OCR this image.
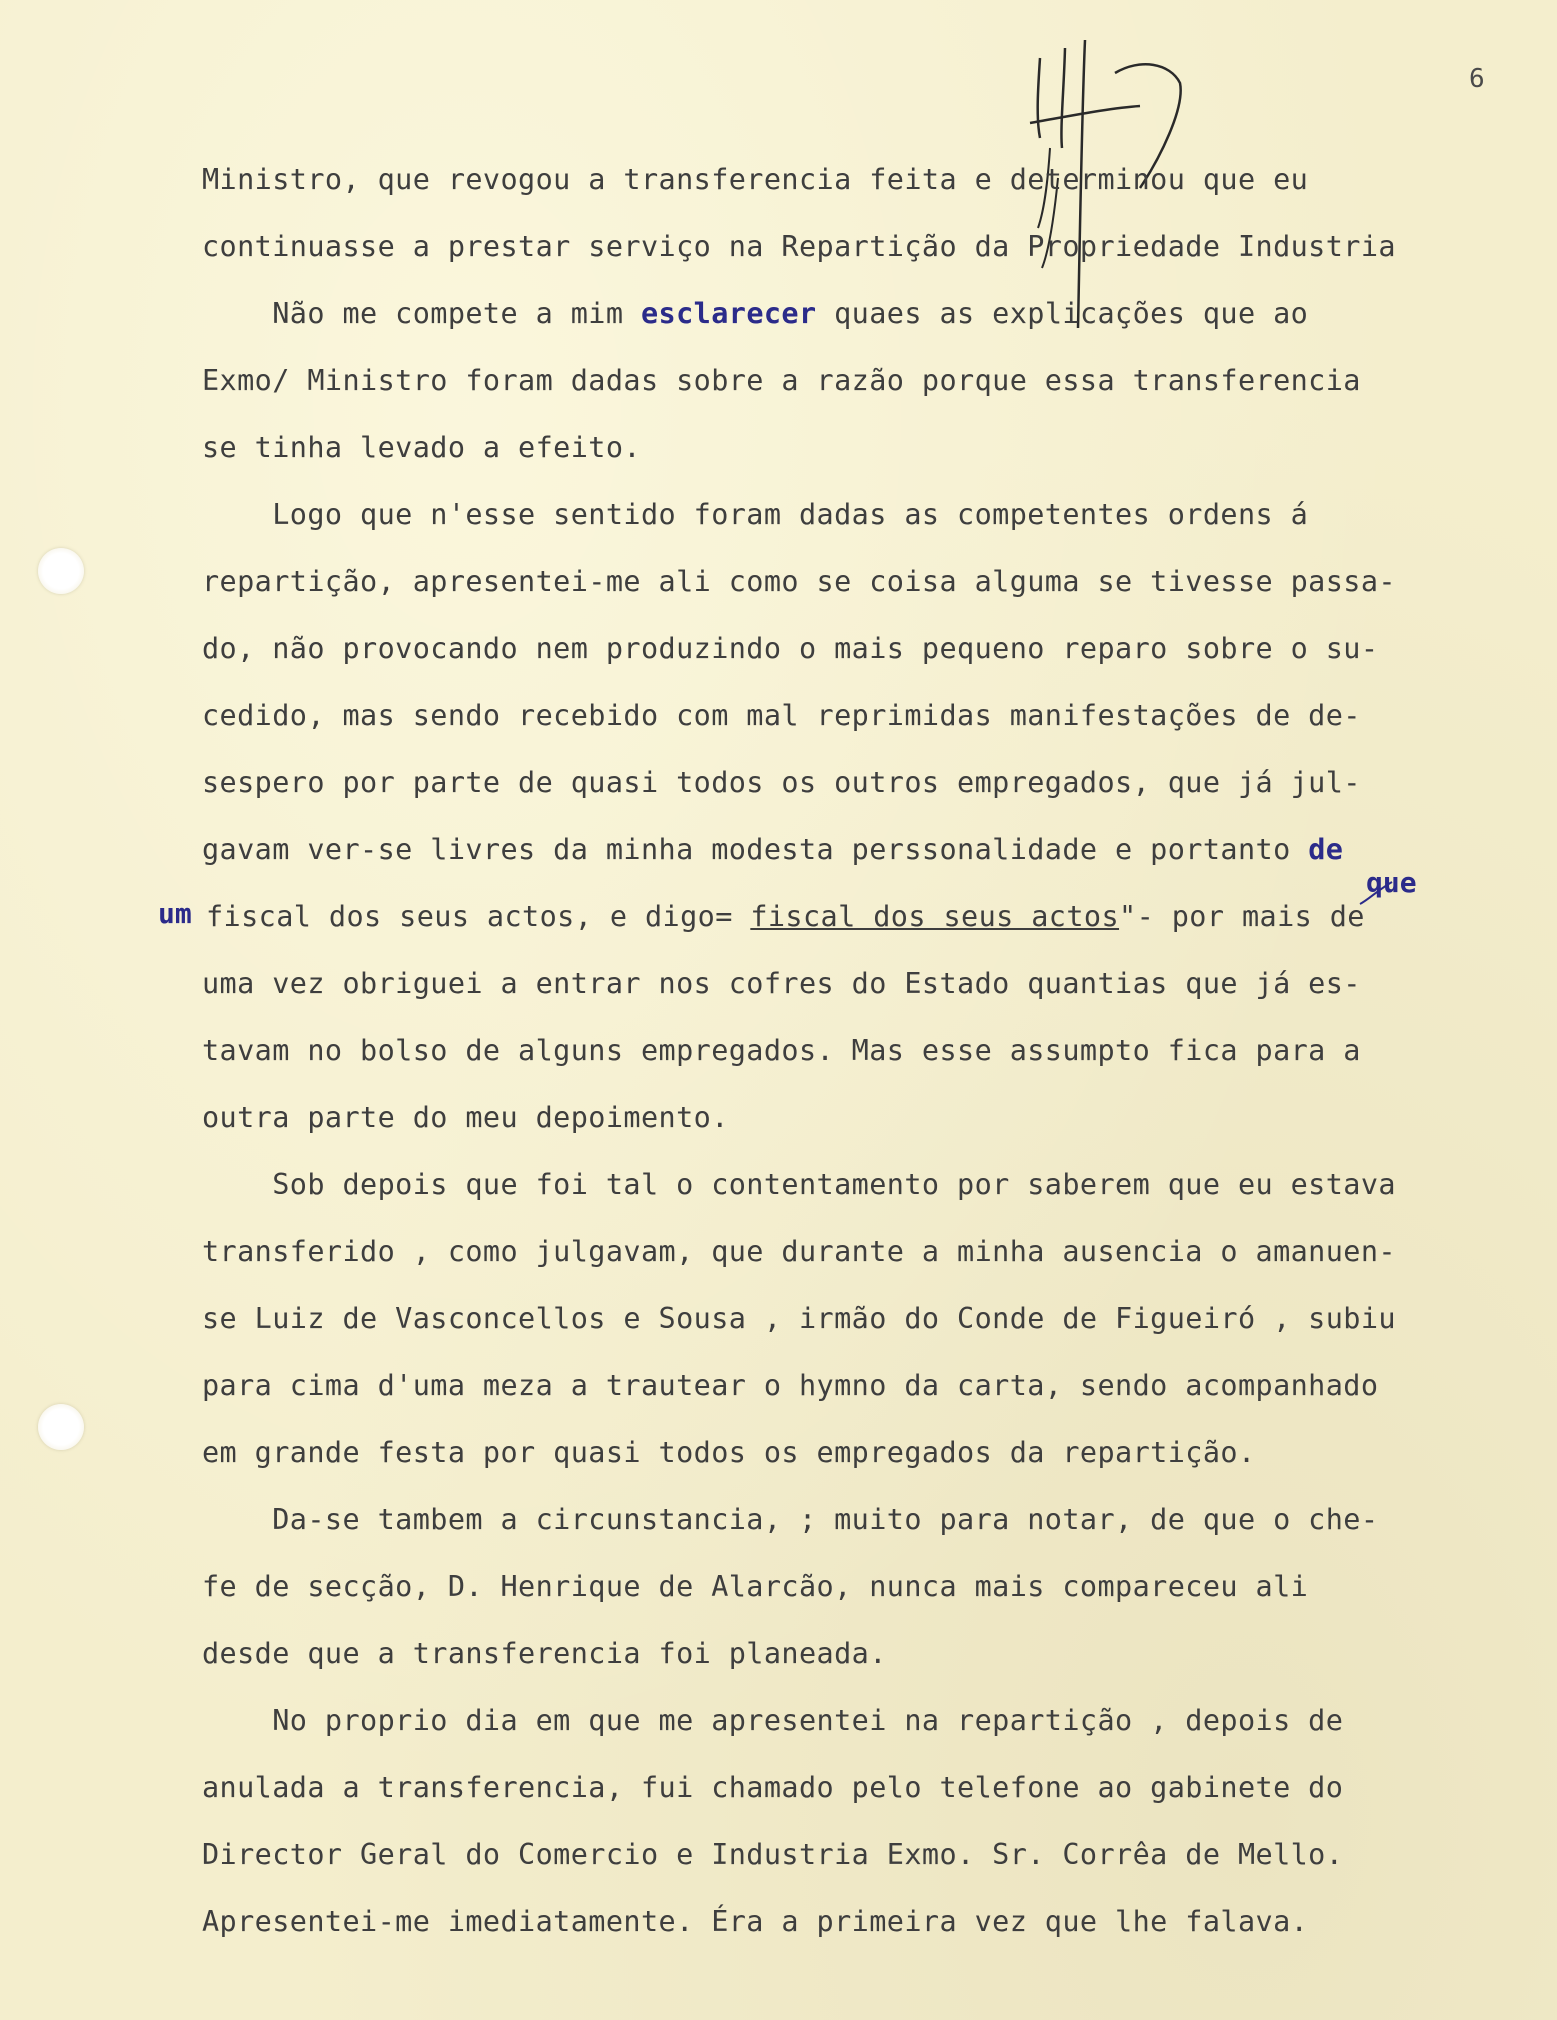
6

Ministro, que revogou a transferencia feita e determinou que eu

continuasse a prestar serviço na Repartição da Propriedade Industria

Não me compete a mim esclarecer quaes as explicações que ao

Exmo/ Ministro foram dadas sobre a razão porque essa transferencia

se tinha levado a efeito.

Logo que n'esse sentido foram dadas as competentes ordens á

repartição, apresentei-me ali como se coisa alguma se tivesse passa-

do, não provocando nem produzindo o mais pequeno reparo sobre o su-

cedido, mas sendo recebido com mal reprimidas manifestações de de-

sespero por parte de quasi todos os outros empregados, que já jul-

gavam ver-se livres da minha modesta perssonalidade e portanto de

que
um fiscal dos seus actos, e digo= fiscal dos seus actos"- por mais de

uma vez obriguei a entrar nos cofres do Estado quantias que já es-

tavam no bolso de alguns empregados. Mas esse assumpto fica para a

outra parte do meu depoimento.

Sob depois que foi tal o contentamento por saberem que eu estava

transferido , como julgavam, que durante a minha ausencia o amanuen-

se Luiz de Vasconcellos e Sousa , irmão do Conde de Figueiró , subiu

para cima d'uma meza a trautear o hymno da carta, sendo acompanhado

em grande festa por quasi todos os empregados da repartição.

Da-se tambem a circunstancia, ; muito para notar, de que o che-

fe de secção, D. Henrique de Alarcão, nunca mais compareceu ali

desde que a transferencia foi planeada.

No proprio dia em que me apresentei na repartição , depois de

anulada a transferencia, fui chamado pelo telefone ao gabinete do

Director Geral do Comercio e Industria Exmo. Sr. Corrêa de Mello.

Apresentei-me imediatamente. Éra a primeira vez que lhe falava.
